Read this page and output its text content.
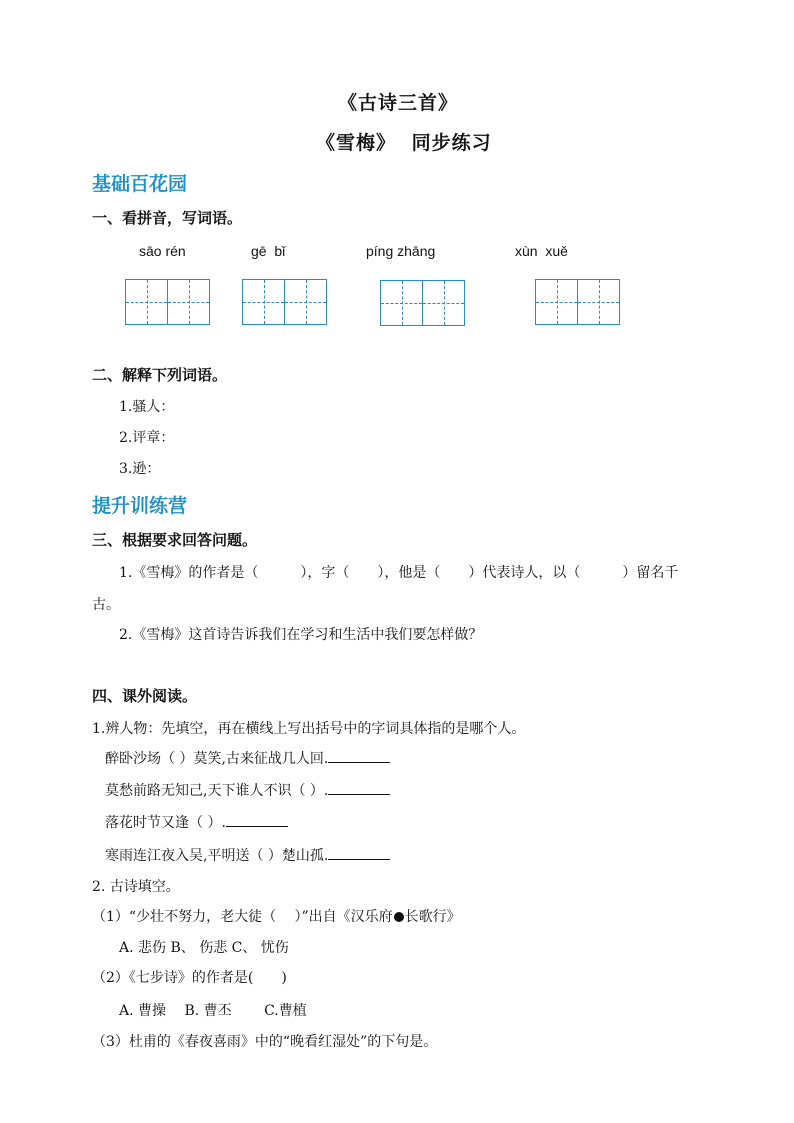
《古诗三首》
《雪梅》 同步练习
基础百花园
一、看拼音，写词语。
sāo rén	gē  bǐ	píng zhāng	xùn  xuě
二、解释下列词语。
1.骚人：
2.评章：
3.逊：
提升训练营
三、根据要求回答问题。
1.《雪梅》的作者是（　　　），字（　　），他是（　　）代表诗人，以（　　　）留名千
古。
2.《雪梅》这首诗告诉我们在学习和生活中我们要怎样做？
四、课外阅读。
1.辨人物：先填空，再在横线上写出括号中的字词具体指的是哪个人。
醉卧沙场（ ）莫笑,古来征战几人回.
莫愁前路无知己,天下谁人不识（ ）.
落花时节又逢（ ）.
寒雨连江夜入吴,平明送（ ）楚山孤.
2. 古诗填空。
（1）“少壮不努力，老大徒（　 ）”出自《汉乐府 长歌行》
A. 悲伤 B、 伤悲 C、 忧伤
（2）《七步诗》的作者是(　　)
A. 曹操　 B. 曹丕　　 C.曹植
（3）杜甫的《春夜喜雨》中的“晚看红湿处”的下句是。
